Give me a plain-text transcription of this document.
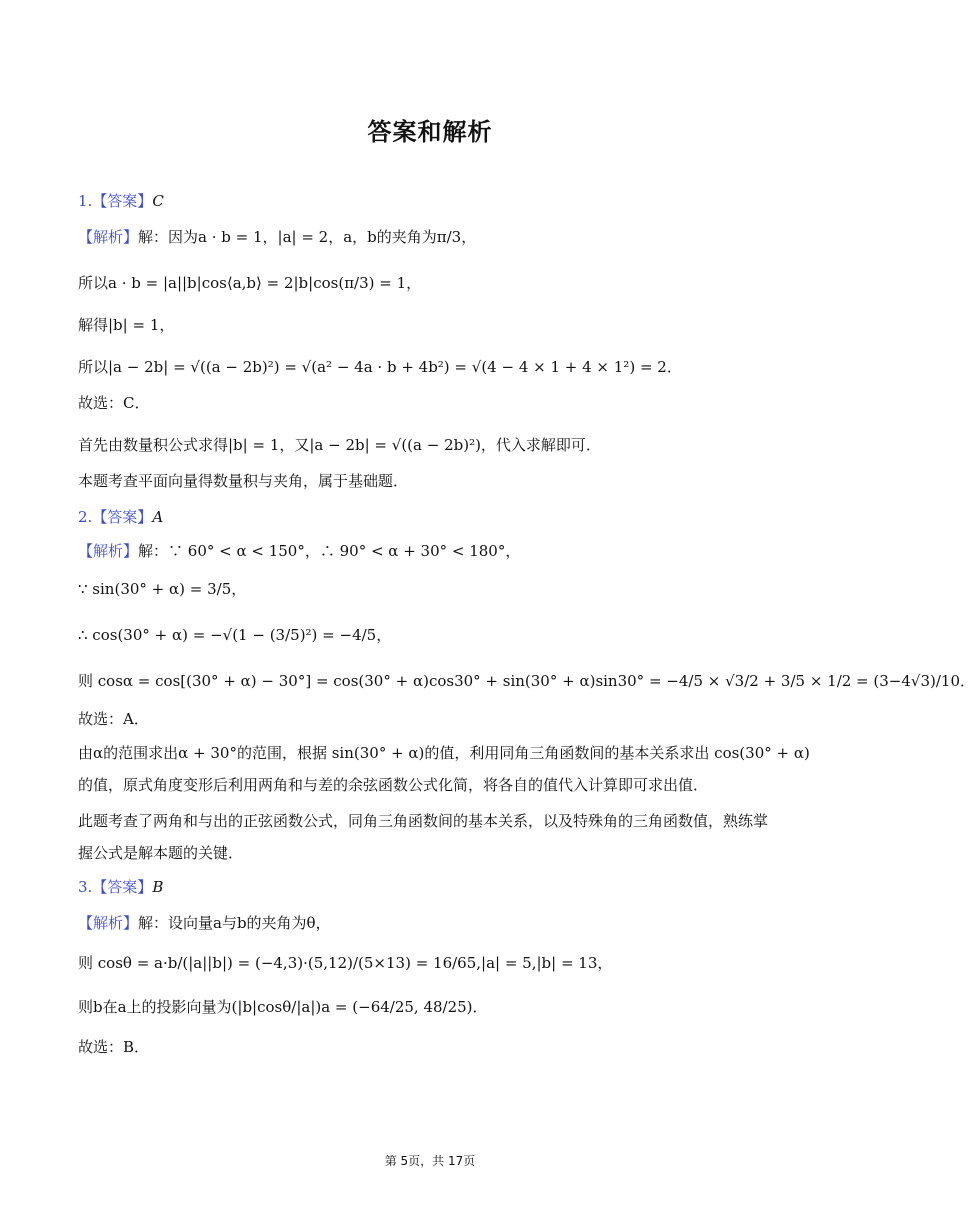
答案和解析
1.【答案】C
【解析】解：因为a · b = 1，|a| = 2，a，b的夹角为π/3，
所以a · b = |a||b|cos⟨a,b⟩ = 2|b|cos(π/3) = 1，
解得|b| = 1，
所以|a − 2b| = √((a − 2b)²) = √(a² − 4a · b + 4b²) = √(4 − 4 × 1 + 4 × 1²) = 2．
故选：C．
首先由数量积公式求得|b| = 1，又|a − 2b| = √((a − 2b)²)，代入求解即可．
本题考查平面向量得数量积与夹角，属于基础题．
2.【答案】A
【解析】解：∵ 60° < α < 150°，∴ 90° < α + 30° < 180°，
∵ sin(30° + α) = 3/5，
∴ cos(30° + α) = −√(1 − (3/5)²) = −4/5，
则 cosα = cos[(30° + α) − 30°] = cos(30° + α)cos30° + sin(30° + α)sin30° = −4/5 × √3/2 + 3/5 × 1/2 = (3−4√3)/10．
故选：A．
由α的范围求出α + 30°的范围，根据 sin(30° + α)的值，利用同角三角函数间的基本关系求出 cos(30° + α)
的值，原式角度变形后利用两角和与差的余弦函数公式化简，将各自的值代入计算即可求出值．
此题考查了两角和与出的正弦函数公式，同角三角函数间的基本关系，以及特殊角的三角函数值，熟练掌
握公式是解本题的关键．
3.【答案】B
【解析】解：设向量a与b的夹角为θ，
则 cosθ = a·b/(|a||b|) = (−4,3)·(5,12)/(5×13) = 16/65,|a| = 5,|b| = 13，
则b在a上的投影向量为(|b|cosθ/|a|)a = (−64/25, 48/25)．
故选：B．
第 5页，共 17页
